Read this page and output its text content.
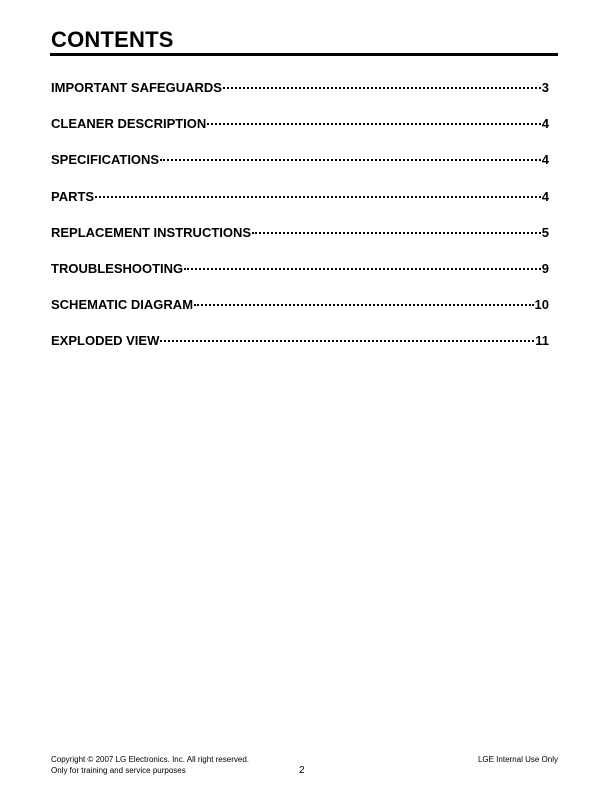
CONTENTS
IMPORTANT SAFEGUARDS	3
CLEANER DESCRIPTION	4
SPECIFICATIONS	4
PARTS	4
REPLACEMENT INSTRUCTIONS	5
TROUBLESHOOTING	9
SCHEMATIC DIAGRAM	10
EXPLODED VIEW	11
Copyright © 2007 LG Electronics. Inc. All right reserved.
Only for training and service purposes	2
LGE Internal Use Only
